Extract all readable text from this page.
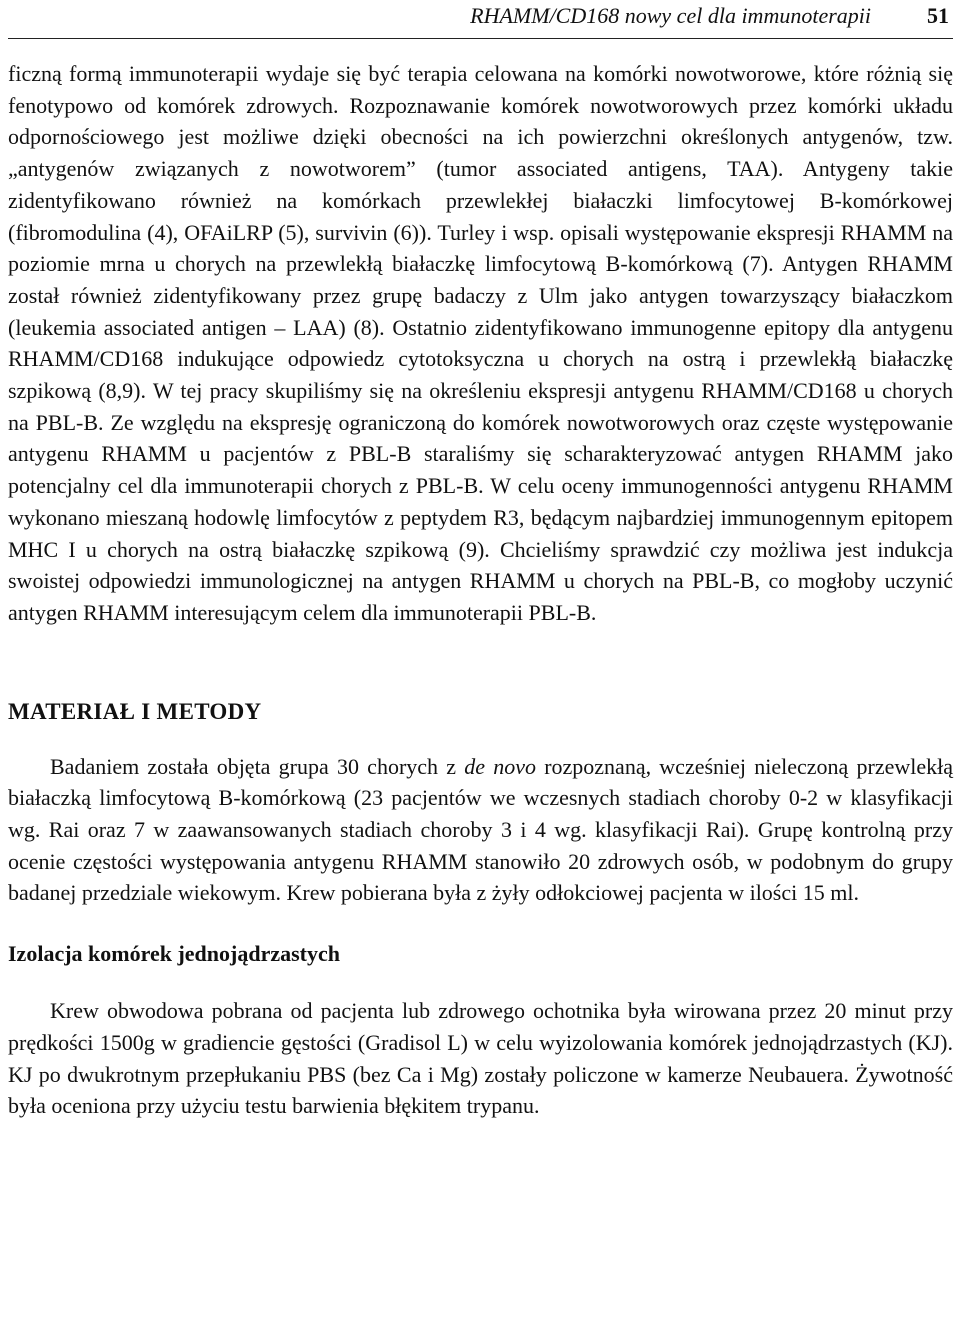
RHAMM/CD168 nowy cel dla immunoterapii	51

ficzną formą immunoterapii wydaje się być terapia celowana na komórki nowotworowe, które różnią się fenotypowo od komórek zdrowych. Rozpoznawanie komórek nowotworowych przez komórki układu odpornościowego jest możliwe dzięki obecności na ich powierzchni określonych antygenów, tzw. „antygenów związanych z nowotworem” (tumor associated antigens, TAA). Antygeny takie zidentyfikowano również na komórkach przewlekłej białaczki limfocytowej B-komórkowej (fibromodulina (4), OFAiLRP (5), survivin (6)). Turley i wsp. opisali występowanie ekspresji RHAMM na poziomie mrna u chorych na przewlekłą białaczkę limfocytową B-komórkową (7). Antygen RHAMM został również zidentyfikowany przez grupę badaczy z Ulm jako antygen towarzyszący białaczkom (leukemia associated antigen – LAA) (8). Ostatnio zidentyfikowano immunogenne epitopy dla antygenu RHAMM/CD168 indukujące odpowiedz cytotoksyczna u chorych na ostrą i przewlekłą białaczkę szpikową (8,9). W tej pracy skupiliśmy się na określeniu ekspresji antygenu RHAMM/CD168 u chorych na PBL-B. Ze względu na ekspresję ograniczoną do komórek nowotworowych oraz częste występowanie antygenu RHAMM u pacjentów z PBL-B staraliśmy się scharakteryzować antygen RHAMM jako potencjalny cel dla immunoterapii chorych z PBL-B. W celu oceny immunogenności antygenu RHAMM wykonano mieszaną hodowlę limfocytów z peptydem R3, będącym najbardziej immunogennym epitopem MHC I u chorych na ostrą białaczkę szpikową (9). Chcieliśmy sprawdzić czy możliwa jest indukcja swoistej odpowiedzi immunologicznej na antygen RHAMM u chorych na PBL-B, co mogłoby uczynić antygen RHAMM interesującym celem dla immunoterapii PBL-B.

MATERIAŁ I METODY

Badaniem została objęta grupa 30 chorych z de novo rozpoznaną, wcześniej nieleczoną przewlekłą białaczką limfocytową B-komórkową (23 pacjentów we wczesnych stadiach choroby 0-2 w klasyfikacji wg. Rai oraz 7 w zaawansowanych stadiach choroby 3 i 4 wg. klasyfikacji Rai). Grupę kontrolną przy ocenie częstości występowania antygenu RHAMM stanowiło 20 zdrowych osób, w podobnym do grupy badanej przedziale wiekowym. Krew pobierana była z żyły odłokciowej pacjenta w ilości 15 ml.

Izolacja komórek jednojądrzastych

Krew obwodowa pobrana od pacjenta lub zdrowego ochotnika była wirowana przez 20 minut przy prędkości 1500g w gradiencie gęstości (Gradisol L) w celu wyizolowania komórek jednojądrzastych (KJ). KJ po dwukrotnym przepłukaniu PBS (bez Ca i Mg) zostały policzone w kamerze Neubauera. Żywotność była oceniona przy użyciu testu barwienia błękitem trypanu.
